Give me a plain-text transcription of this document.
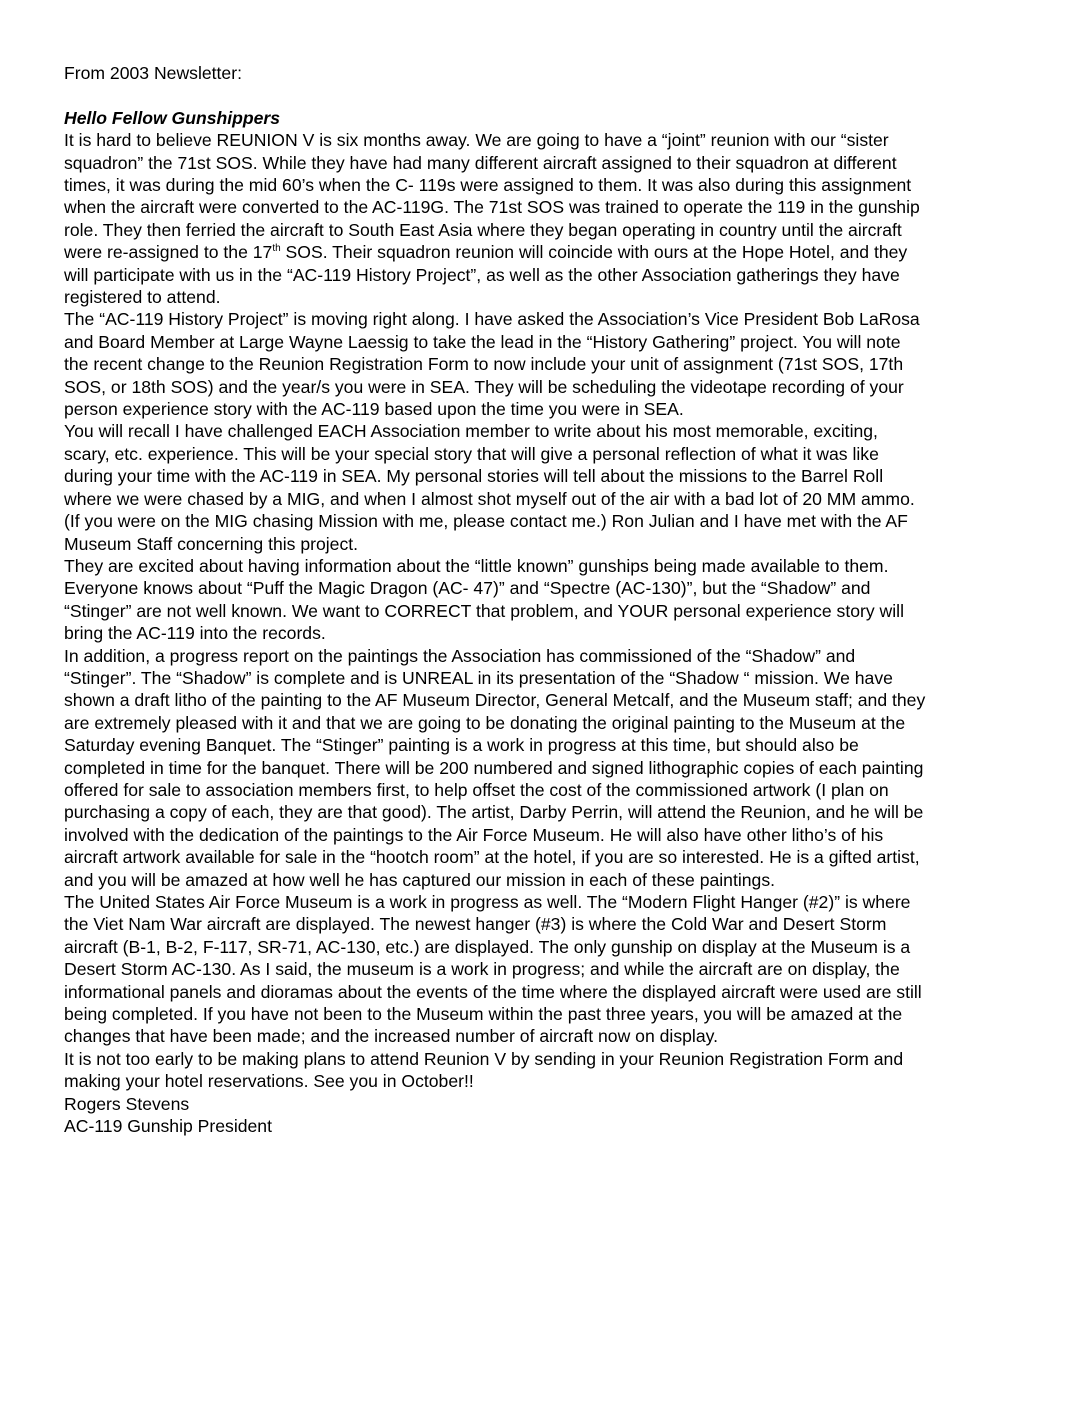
From 2003 Newsletter:

Hello Fellow Gunshippers

It is hard to believe REUNION V is six months away. We are going to have a “joint” reunion with our “sister
squadron” the 71st SOS. While they have had many different aircraft assigned to their squadron at different
times, it was during the mid 60’s when the C- 119s were assigned to them. It was also during this assignment
when the aircraft were converted to the AC-119G. The 71st SOS was trained to operate the 119 in the gunship
role. They then ferried the aircraft to South East Asia where they began operating in country until the aircraft
were re-assigned to the 17th SOS. Their squadron reunion will coincide with ours at the Hope Hotel, and they
will participate with us in the “AC-119 History Project”, as well as the other Association gatherings they have
registered to attend.

The “AC-119 History Project” is moving right along. I have asked the Association’s Vice President Bob LaRosa
and Board Member at Large Wayne Laessig to take the lead in the “History Gathering” project. You will note
the recent change to the Reunion Registration Form to now include your unit of assignment (71st SOS, 17th
SOS, or 18th SOS) and the year/s you were in SEA. They will be scheduling the videotape recording of your
person experience story with the AC-119 based upon the time you were in SEA.

You will recall I have challenged EACH Association member to write about his most memorable, exciting,
scary, etc. experience. This will be your special story that will give a personal reflection of what it was like
during your time with the AC-119 in SEA. My personal stories will tell about the missions to the Barrel Roll
where we were chased by a MIG, and when I almost shot myself out of the air with a bad lot of 20 MM ammo.
(If you were on the MIG chasing Mission with me, please contact me.) Ron Julian and I have met with the AF
Museum Staff concerning this project.

They are excited about having information about the “little known” gunships being made available to them.
Everyone knows about “Puff the Magic Dragon (AC- 47)” and “Spectre (AC-130)”, but the “Shadow” and
“Stinger” are not well known. We want to CORRECT that problem, and YOUR personal experience story will
bring the AC-119 into the records.

In addition, a progress report on the paintings the Association has commissioned of the “Shadow” and
“Stinger”. The “Shadow” is complete and is UNREAL in its presentation of the “Shadow “ mission. We have
shown a draft litho of the painting to the AF Museum Director, General Metcalf, and the Museum staff; and they
are extremely pleased with it and that we are going to be donating the original painting to the Museum at the
Saturday evening Banquet. The “Stinger” painting is a work in progress at this time, but should also be
completed in time for the banquet. There will be 200 numbered and signed lithographic copies of each painting
offered for sale to association members first, to help offset the cost of the commissioned artwork (I plan on
purchasing a copy of each, they are that good). The artist, Darby Perrin, will attend the Reunion, and he will be
involved with the dedication of the paintings to the Air Force Museum. He will also have other litho’s of his
aircraft artwork available for sale in the “hootch room” at the hotel, if you are so interested. He is a gifted artist,
and you will be amazed at how well he has captured our mission in each of these paintings.

The United States Air Force Museum is a work in progress as well. The “Modern Flight Hanger (#2)” is where
the Viet Nam War aircraft are displayed. The newest hanger (#3) is where the Cold War and Desert Storm
aircraft (B-1, B-2, F-117, SR-71, AC-130, etc.) are displayed. The only gunship on display at the Museum is a
Desert Storm AC-130. As I said, the museum is a work in progress; and while the aircraft are on display, the
informational panels and dioramas about the events of the time where the displayed aircraft were used are still
being completed. If you have not been to the Museum within the past three years, you will be amazed at the
changes that have been made; and the increased number of aircraft now on display.

It is not too early to be making plans to attend Reunion V by sending in your Reunion Registration Form and
making your hotel reservations. See you in October!!

Rogers Stevens

AC-119 Gunship President
